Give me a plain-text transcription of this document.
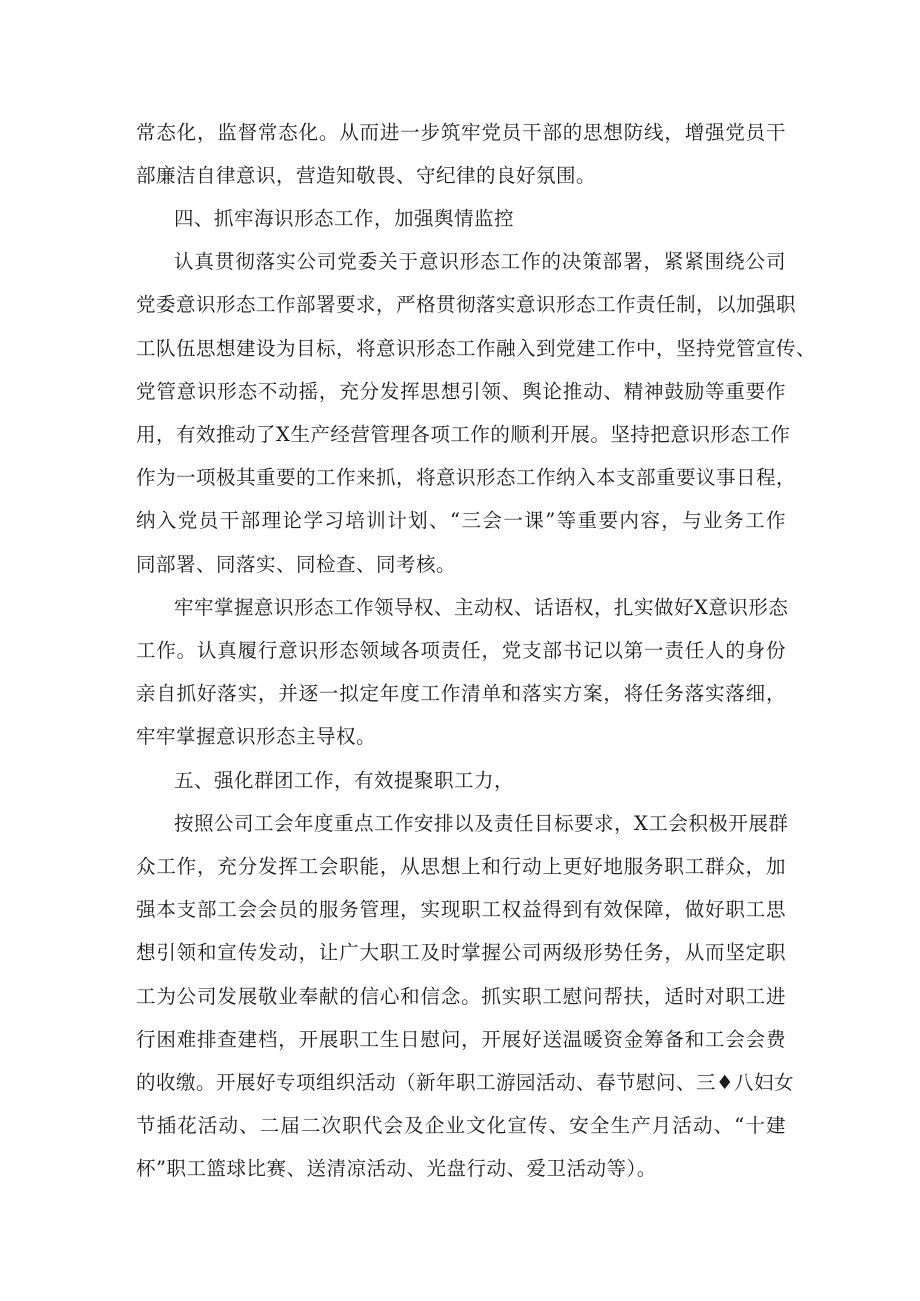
常态化，监督常态化。从而进一步筑牢党员干部的思想防线，增强党员干
部廉洁自律意识，营造知敬畏、守纪律的良好氛围。
四、抓牢海识形态工作，加强舆情监控
认真贯彻落实公司党委关于意识形态工作的决策部署，紧紧围绕公司
党委意识形态工作部署要求，严格贯彻落实意识形态工作责任制，以加强职
工队伍思想建设为目标，将意识形态工作融入到党建工作中，坚持党管宣传、
党管意识形态不动摇，充分发挥思想引领、舆论推动、精神鼓励等重要作
用，有效推动了X生产经营管理各项工作的顺利开展。坚持把意识形态工作
作为一项极其重要的工作来抓，将意识形态工作纳入本支部重要议事日程，
纳入党员干部理论学习培训计划、“三会一课”等重要内容，与业务工作
同部署、同落实、同检查、同考核。
牢牢掌握意识形态工作领导权、主动权、话语权，扎实做好X意识形态
工作。认真履行意识形态领域各项责任，党支部书记以第一责任人的身份
亲自抓好落实，并逐一拟定年度工作清单和落实方案，将任务落实落细，
牢牢掌握意识形态主导权。
五、强化群团工作，有效提聚职工力，
按照公司工会年度重点工作安排以及责任目标要求，X工会积极开展群
众工作，充分发挥工会职能，从思想上和行动上更好地服务职工群众，加
强本支部工会会员的服务管理，实现职工权益得到有效保障，做好职工思
想引领和宣传发动，让广大职工及时掌握公司两级形势任务，从而坚定职
工为公司发展敬业奉献的信心和信念。抓实职工慰问帮扶，适时对职工进
行困难排查建档，开展职工生日慰问，开展好送温暖资金筹备和工会会费
的收缴。开展好专项组织活动（新年职工游园活动、春节慰问、三♦八妇女
节插花活动、二届二次职代会及企业文化宣传、安全生产月活动、“十建
杯”职工篮球比赛、送清凉活动、光盘行动、爱卫活动等）。
